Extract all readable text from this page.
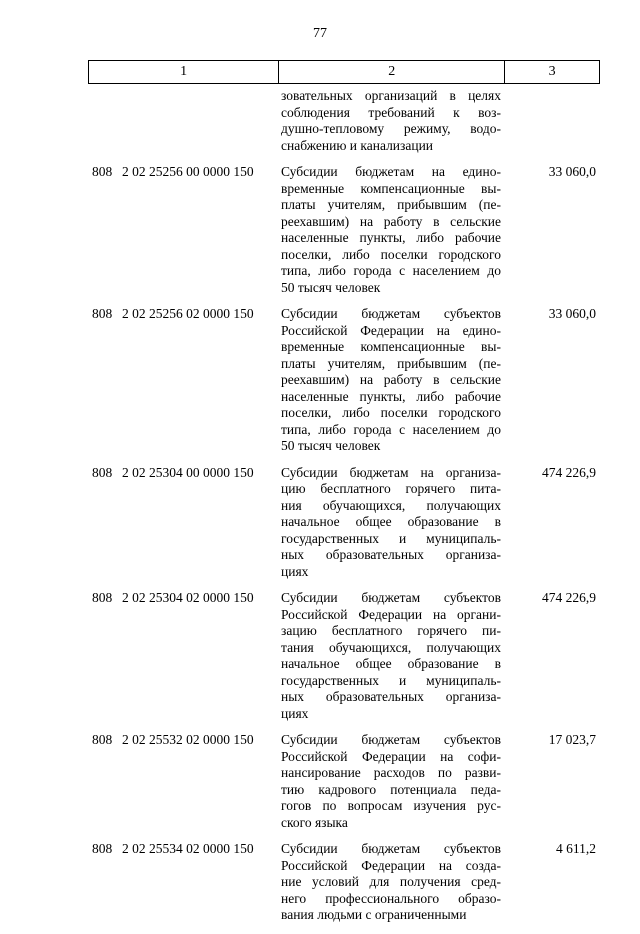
77
1	2	3
зовательных организаций в целях
соблюдения требований к воз-
душно-тепловому режиму, водо-
снабжению и канализации
808 2 02 25256 00 0000 150	Субсидии бюджетам на едино-
временные компенсационные вы-
платы учителям, прибывшим (пе-
реехавшим) на работу в сельские
населенные пункты, либо рабочие
поселки, либо поселки городского
типа, либо города с населением до
50 тысяч человек
33 060,0
808 2 02 25256 02 0000 150	Субсидии бюджетам субъектов
Российской Федерации на едино-
временные компенсационные вы-
платы учителям, прибывшим (пе-
реехавшим) на работу в сельские
населенные пункты, либо рабочие
поселки, либо поселки городского
типа, либо города с населением до
50 тысяч человек
33 060,0
808 2 02 25304 00 0000 150	Субсидии бюджетам на организа-
цию бесплатного горячего пита-
ния обучающихся, получающих
начальное общее образование в
государственных и муниципаль-
ных образовательных организа-
циях
474 226,9
808 2 02 25304 02 0000 150	Субсидии бюджетам субъектов
Российской Федерации на органи-
зацию бесплатного горячего пи-
тания обучающихся, получающих
начальное общее образование в
государственных и муниципаль-
ных образовательных организа-
циях
474 226,9
808 2 02 25532 02 0000 150	Субсидии бюджетам субъектов
Российской Федерации на софи-
нансирование расходов по разви-
тию кадрового потенциала педа-
гогов по вопросам изучения рус-
ского языка
17 023,7
808 2 02 25534 02 0000 150	Субсидии бюджетам субъектов
Российской Федерации на созда-
ние условий для получения сред-
него профессионального образо-
вания людьми с ограниченными
4 611,2
